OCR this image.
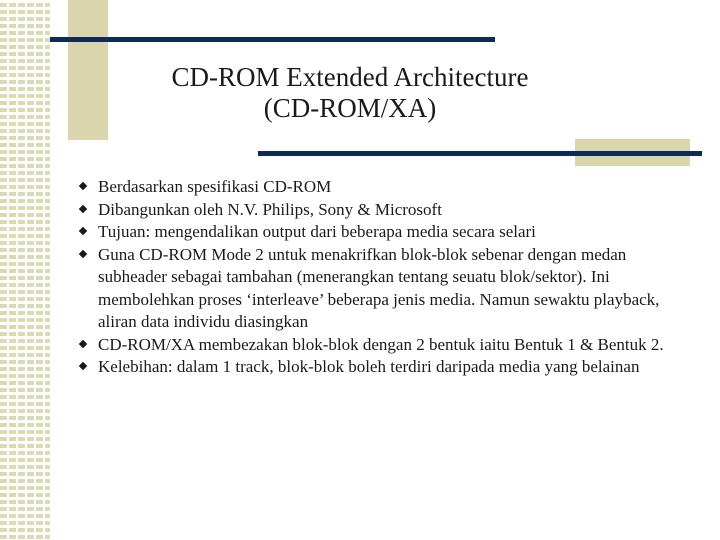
CD-ROM Extended Architecture
(CD-ROM/XA)
Berdasarkan spesifikasi CD-ROM
Dibangunkan oleh N.V. Philips, Sony & Microsoft
Tujuan: mengendalikan output dari beberapa media secara selari
Guna CD-ROM Mode 2 untuk menakrifkan blok-blok sebenar dengan medan subheader sebagai tambahan (menerangkan tentang seuatu blok/sektor). Ini membolehkan proses ‘interleave’ beberapa jenis media. Namun sewaktu playback, aliran data individu diasingkan
CD-ROM/XA membezakan blok-blok dengan 2 bentuk iaitu Bentuk 1 & Bentuk 2.
Kelebihan: dalam 1 track, blok-blok boleh terdiri daripada media yang belainan
